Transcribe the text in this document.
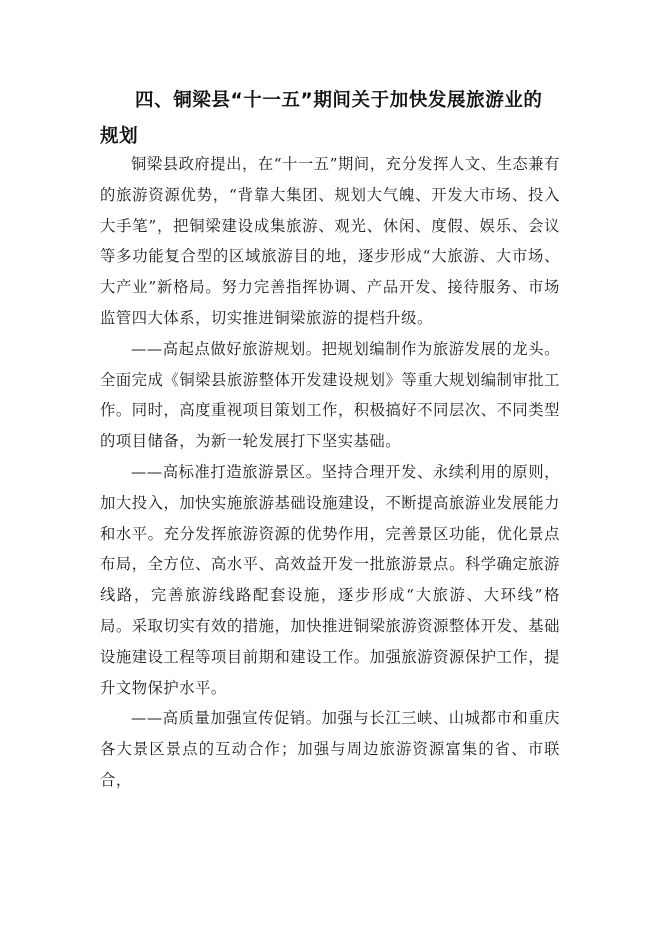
四、铜梁县“十一五”期间关于加快发展旅游业的规划

铜梁县政府提出，在“十一五”期间，充分发挥人文、生态兼有的旅游资源优势，“背靠大集团、规划大气魄、开发大市场、投入大手笔”，把铜梁建设成集旅游、观光、休闲、度假、娱乐、会议等多功能复合型的区域旅游目的地，逐步形成“大旅游、大市场、大产业”新格局。努力完善指挥协调、产品开发、接待服务、市场监管四大体系，切实推进铜梁旅游的提档升级。

——高起点做好旅游规划。把规划编制作为旅游发展的龙头。全面完成《铜梁县旅游整体开发建设规划》等重大规划编制审批工作。同时，高度重视项目策划工作，积极搞好不同层次、不同类型的项目储备，为新一轮发展打下坚实基础。

——高标准打造旅游景区。坚持合理开发、永续利用的原则，加大投入，加快实施旅游基础设施建设，不断提高旅游业发展能力和水平。充分发挥旅游资源的优势作用，完善景区功能，优化景点布局，全方位、高水平、高效益开发一批旅游景点。科学确定旅游线路，完善旅游线路配套设施，逐步形成“大旅游、大环线”格局。采取切实有效的措施，加快推进铜梁旅游资源整体开发、基础设施建设工程等项目前期和建设工作。加强旅游资源保护工作，提升文物保护水平。

——高质量加强宣传促销。加强与长江三峡、山城都市和重庆各大景区景点的互动合作；加强与周边旅游资源富集的省、市联合，
